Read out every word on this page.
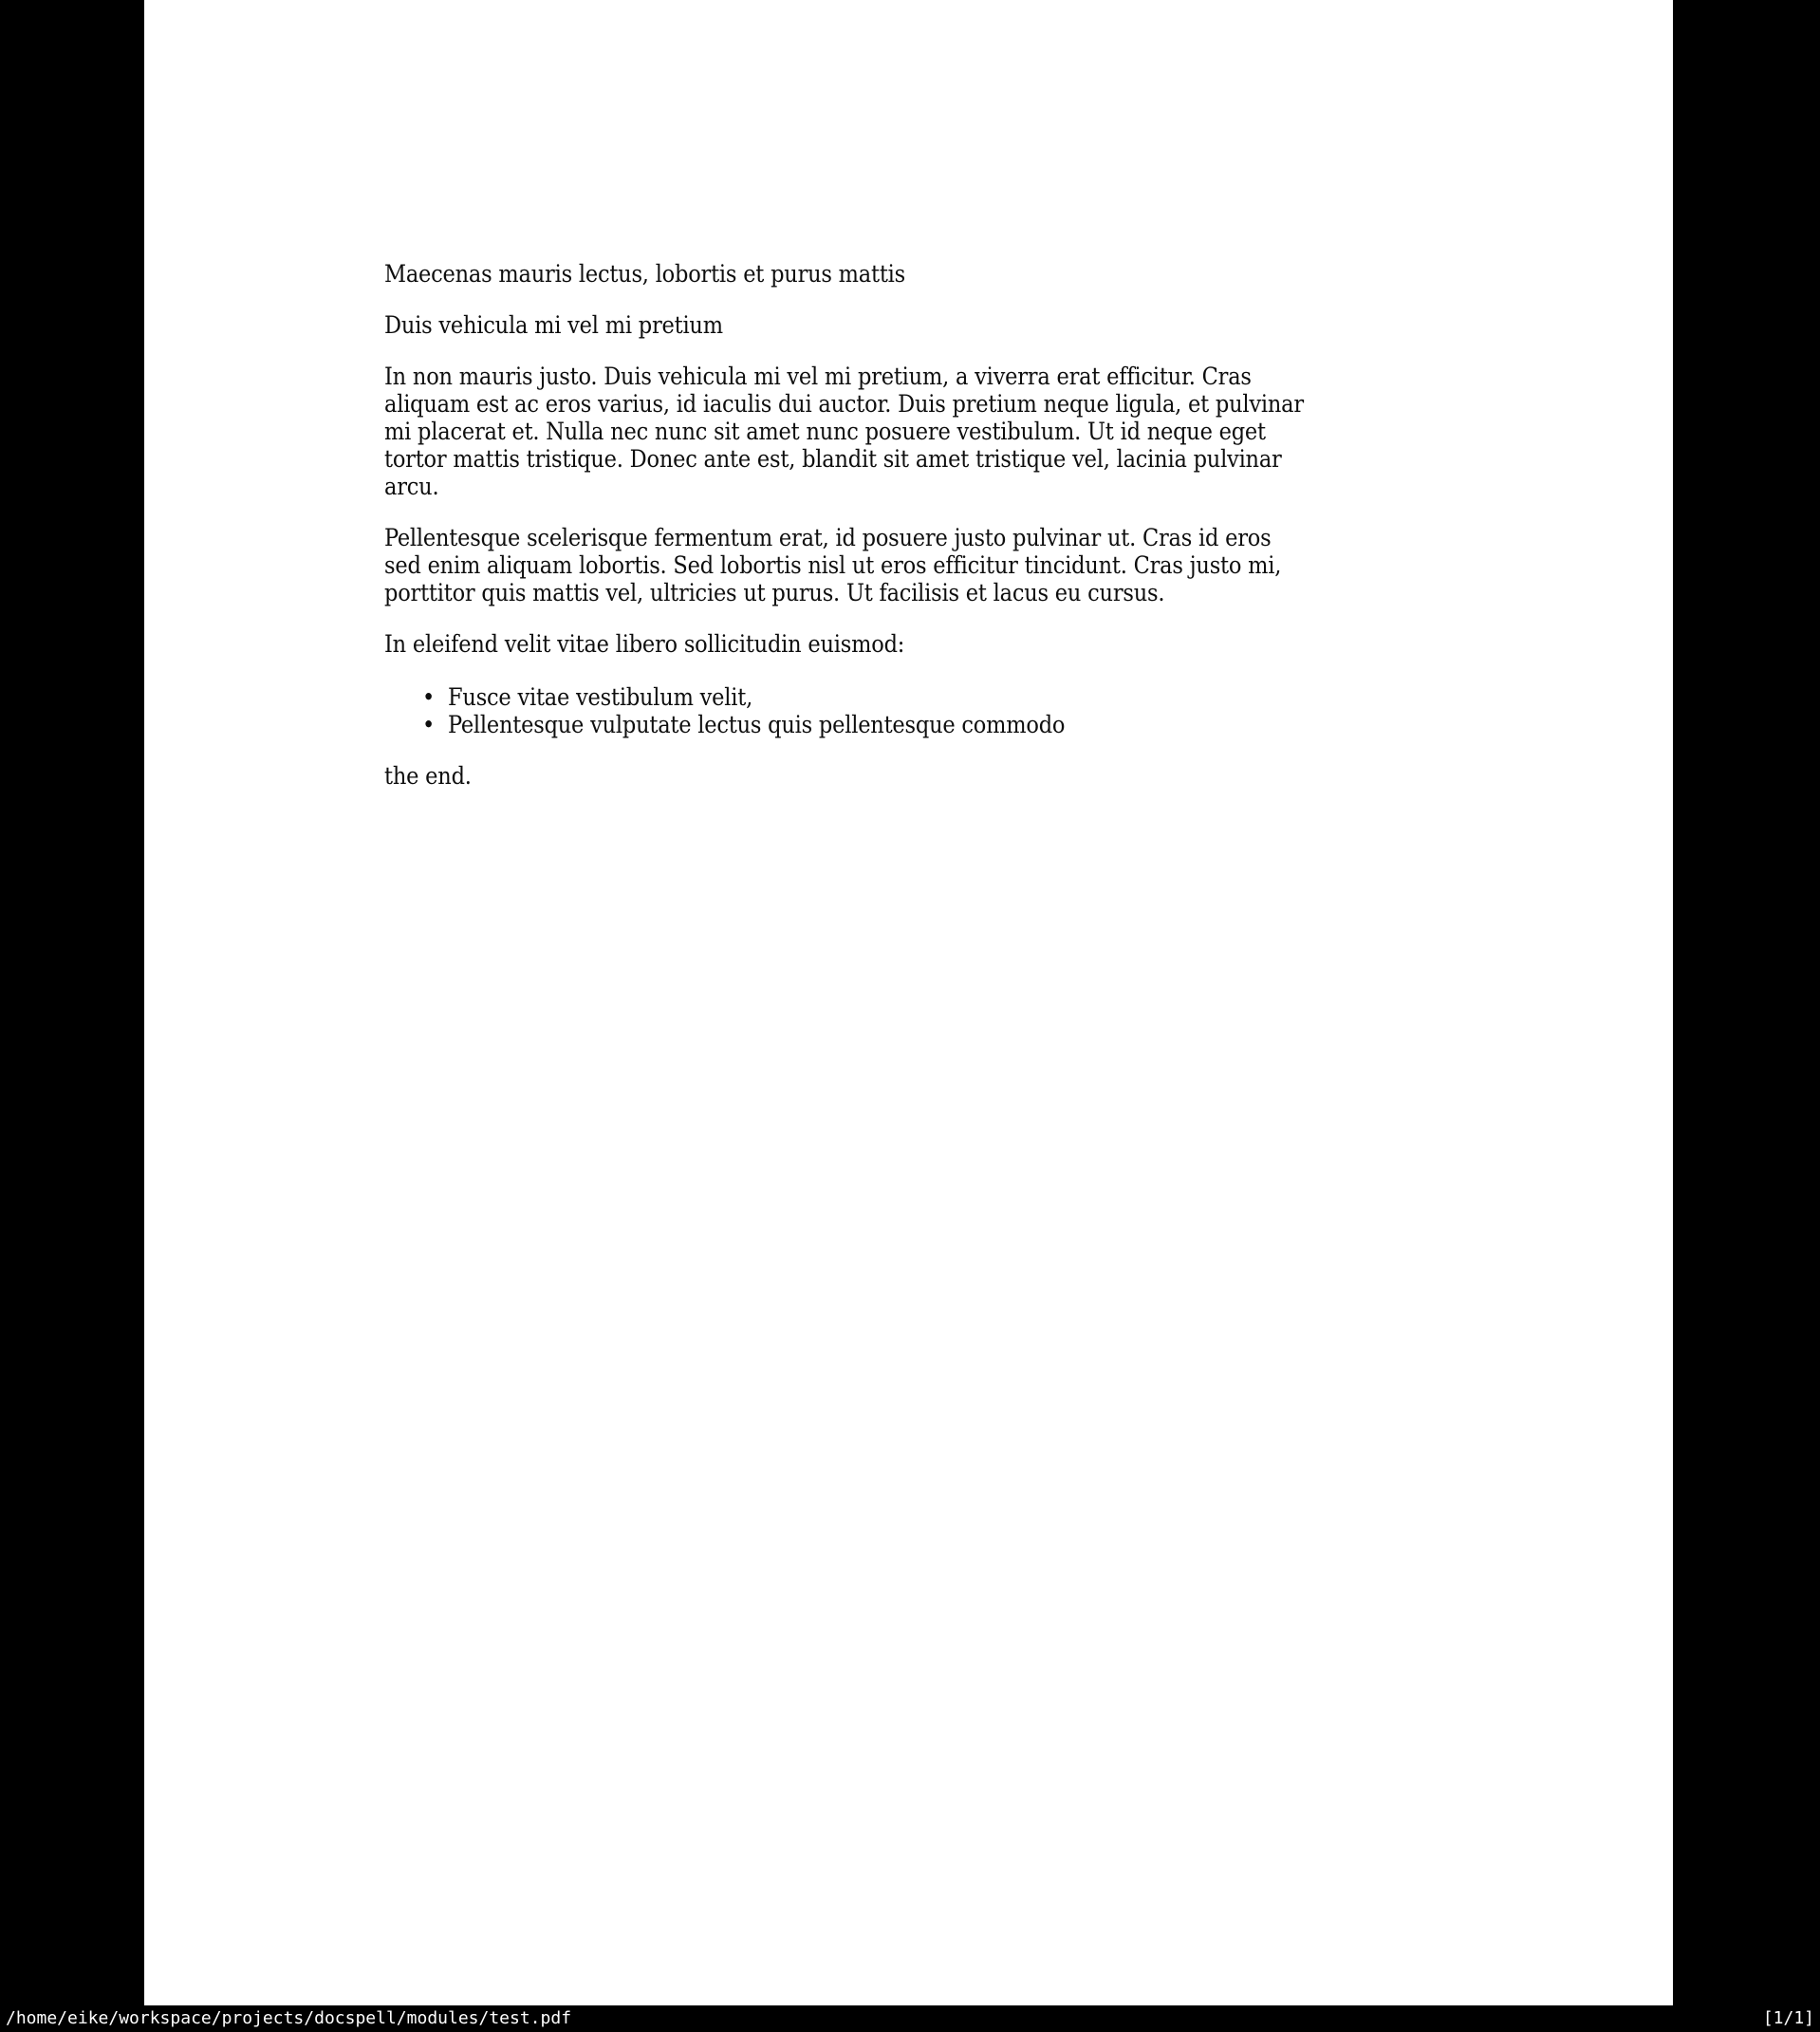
Maecenas mauris lectus, lobortis et purus mattis
Duis vehicula mi vel mi pretium
In non mauris justo. Duis vehicula mi vel mi pretium, a viverra erat efficitur. Cras
aliquam est ac eros varius, id iaculis dui auctor. Duis pretium neque ligula, et pulvinar
mi placerat et. Nulla nec nunc sit amet nunc posuere vestibulum. Ut id neque eget
tortor mattis tristique. Donec ante est, blandit sit amet tristique vel, lacinia pulvinar
arcu.
Pellentesque scelerisque fermentum erat, id posuere justo pulvinar ut. Cras id eros
sed enim aliquam lobortis. Sed lobortis nisl ut eros efficitur tincidunt. Cras justo mi,
porttitor quis mattis vel, ultricies ut purus. Ut facilisis et lacus eu cursus.
In eleifend velit vitae libero sollicitudin euismod:
• Fusce vitae vestibulum velit,
• Pellentesque vulputate lectus quis pellentesque commodo
the end.
/home/eike/workspace/projects/docspell/modules/test.pdf	[1/1]
